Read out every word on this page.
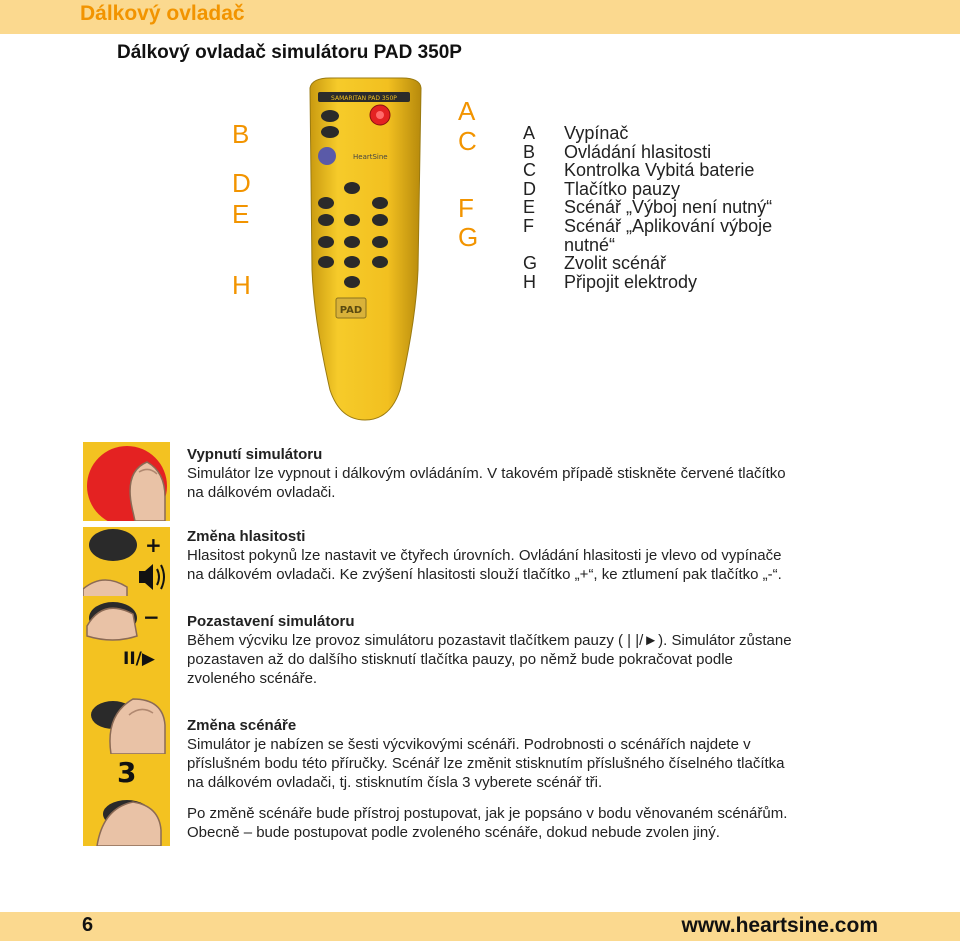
Dálkový ovladač
Dálkový ovladač simulátoru PAD 350P
SAMARITAN PAD 350P
HeartSine
PAD
B
D
E
H
A
C
F
G
A	Vypínač
B	Ovládání hlasitosti
C	Kontrolka Vybitá baterie
D	Tlačítko pauzy
E	Scénář „Výboj není nutný“
F	Scénář „Aplikování výboje
nutné“
G	Zvolit scénář
H	Připojit elektrody
+
−
II/▶
3
Vypnutí simulátoru
Simulátor lze vypnout i dálkovým ovládáním. V takovém případě stiskněte červené tlačítko
na dálkovém ovladači.
Změna hlasitosti
Hlasitost pokynů lze nastavit ve čtyřech úrovních. Ovládání hlasitosti je vlevo od vypínače
na dálkovém ovladači. Ke zvýšení hlasitosti slouží tlačítko „+“, ke ztlumení pak tlačítko „-“.
Pozastavení simulátoru
Během výcviku lze provoz simulátoru pozastavit tlačítkem pauzy ( | |/►). Simulátor zůstane
pozastaven až do dalšího stisknutí tlačítka pauzy, po němž bude pokračovat podle
zvoleného scénáře.
Změna scénáře
Simulátor je nabízen se šesti výcvikovými scénáři. Podrobnosti o scénářích najdete v
příslušném bodu této příručky. Scénář lze změnit stisknutím příslušného číselného tlačítka
na dálkovém ovladači, tj. stisknutím čísla 3 vyberete scénář tři.
Po změně scénáře bude přístroj postupovat, jak je popsáno v bodu věnovaném scénářům.
Obecně – bude postupovat podle zvoleného scénáře, dokud nebude zvolen jiný.
6	www.heartsine.com
